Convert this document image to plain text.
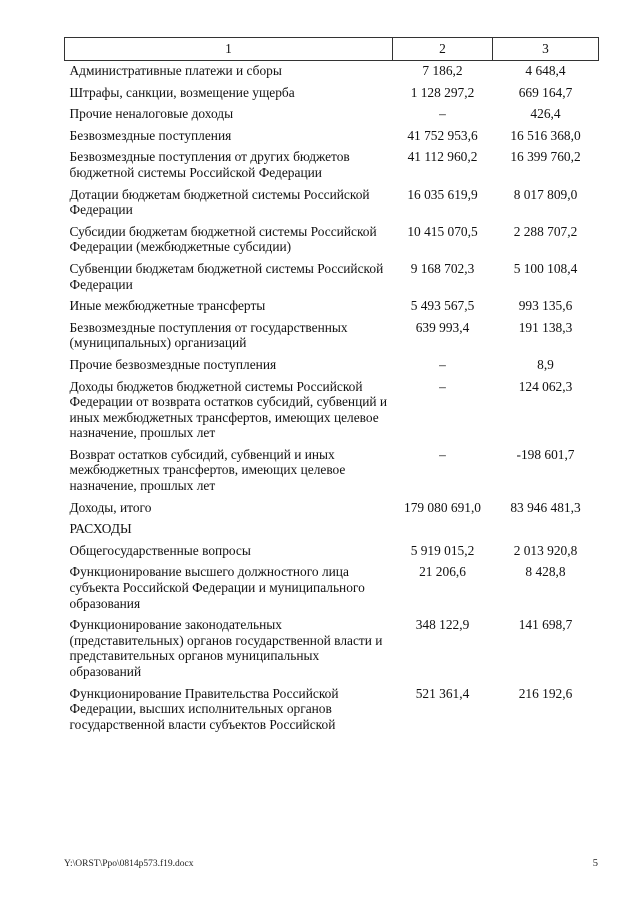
1	2	3
Административные платежи и сборы	7 186,2	4 648,4
Штрафы, санкции, возмещение ущерба	1 128 297,2	669 164,7
Прочие неналоговые доходы	–	426,4
Безвозмездные поступления	41 752 953,6	16 516 368,0
Безвозмездные поступления от других бюджетов бюджетной системы Российской Федерации	41 112 960,2	16 399 760,2
Дотации бюджетам бюджетной системы Российской Федерации	16 035 619,9	8 017 809,0
Субсидии бюджетам бюджетной системы Российской Федерации (межбюджетные субсидии)	10 415 070,5	2 288 707,2
Субвенции бюджетам бюджетной системы Российской Федерации	9 168 702,3	5 100 108,4
Иные межбюджетные трансферты	5 493 567,5	993 135,6
Безвозмездные поступления от государственных (муниципальных) организаций	639 993,4	191 138,3
Прочие безвозмездные поступления	–	8,9
Доходы бюджетов бюджетной системы Российской Федерации от возврата остатков субсидий, субвенций и иных межбюджетных трансфертов, имеющих целевое назначение, прошлых лет	–	124 062,3
Возврат остатков субсидий, субвенций и иных межбюджетных трансфертов, имеющих целевое назначение, прошлых лет	–	-198 601,7
Доходы, итого	179 080 691,0	83 946 481,3
РАСХОДЫ		
Общегосударственные вопросы	5 919 015,2	2 013 920,8
Функционирование высшего должностного лица субъекта Российской Федерации и муниципального образования	21 206,6	8 428,8
Функционирование законодательных (представительных) органов государственной власти и представительных органов муниципальных образований	348 122,9	141 698,7
Функционирование Правительства Российской Федерации, высших исполнительных органов государственной власти субъектов Российской	521 361,4	216 192,6
Y:\ORST\Ppo\0814p573.f19.docx	5
